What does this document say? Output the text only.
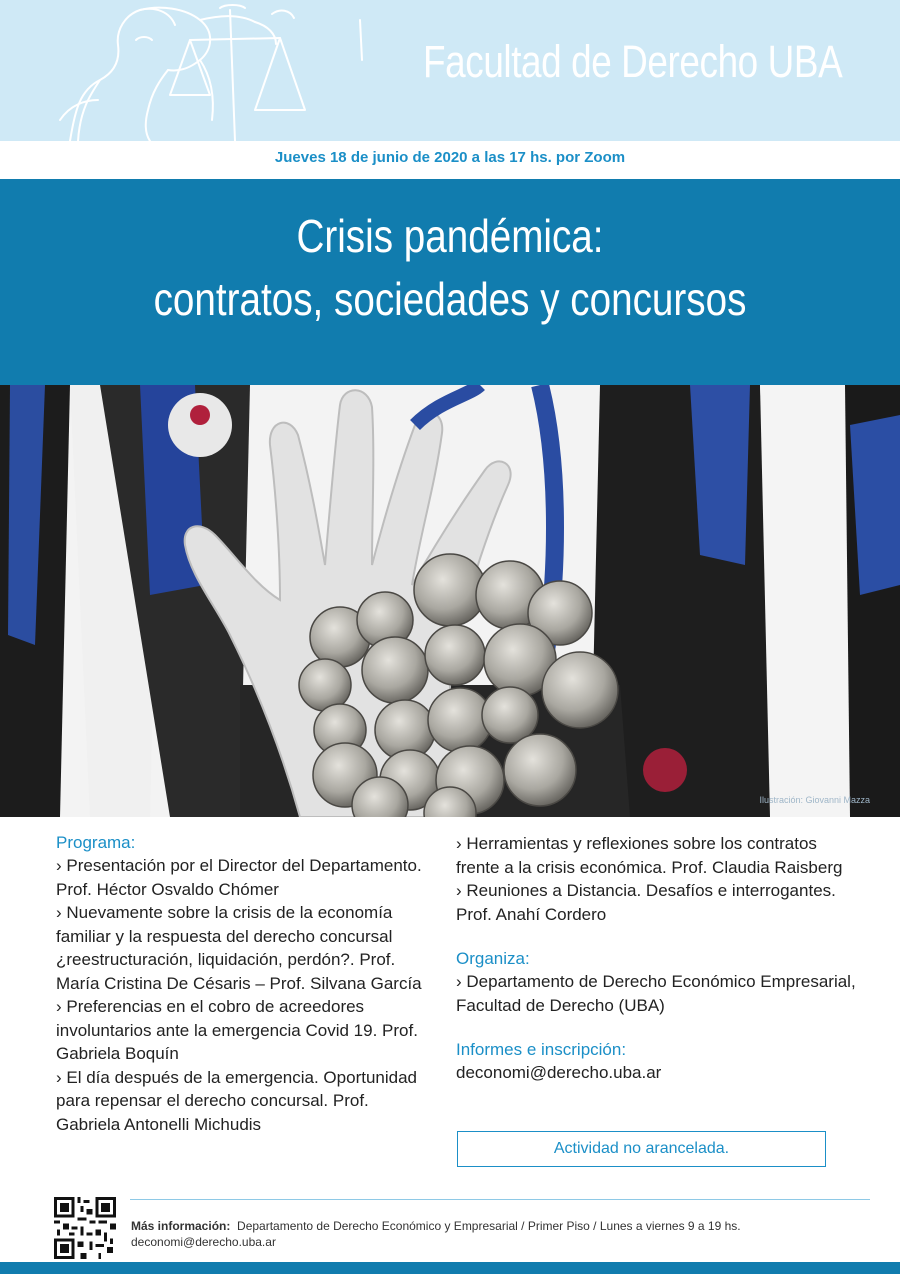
Facultad de Derecho UBA
Jueves 18 de junio de 2020 a las 17 hs. por Zoom
Crisis pandémica:
contratos, sociedades y concursos
Ilustración: Giovanni Mazza

Programa:

› Presentación por el Director del Departamento. Prof. Héctor Osvaldo Chómer

› Nuevamente sobre la crisis de la economía familiar y la respuesta del derecho concursal ¿reestructuración, liquidación, perdón?. Prof. María Cristina De Césaris – Prof. Silvana García

› Preferencias en el cobro de acreedores involuntarios ante la emergencia Covid 19. Prof. Gabriela Boquín

› El día después de la emergencia. Oportunidad para repensar el derecho concursal. Prof. Gabriela Antonelli Michudis

› Herramientas y reflexiones sobre los contratos frente a la crisis económica. Prof. Claudia Raisberg

› Reuniones a Distancia. Desafíos e interrogantes. Prof. Anahí Cordero

Organiza:

› Departamento de Derecho Económico Empresarial, Facultad de Derecho (UBA)

Informes e inscripción:

deconomi@derecho.uba.ar
Actividad no arancelada.
Más información: Departamento de Derecho Económico y Empresarial / Primer Piso / Lunes a viernes 9 a 19 hs.
deconomi@derecho.uba.ar
